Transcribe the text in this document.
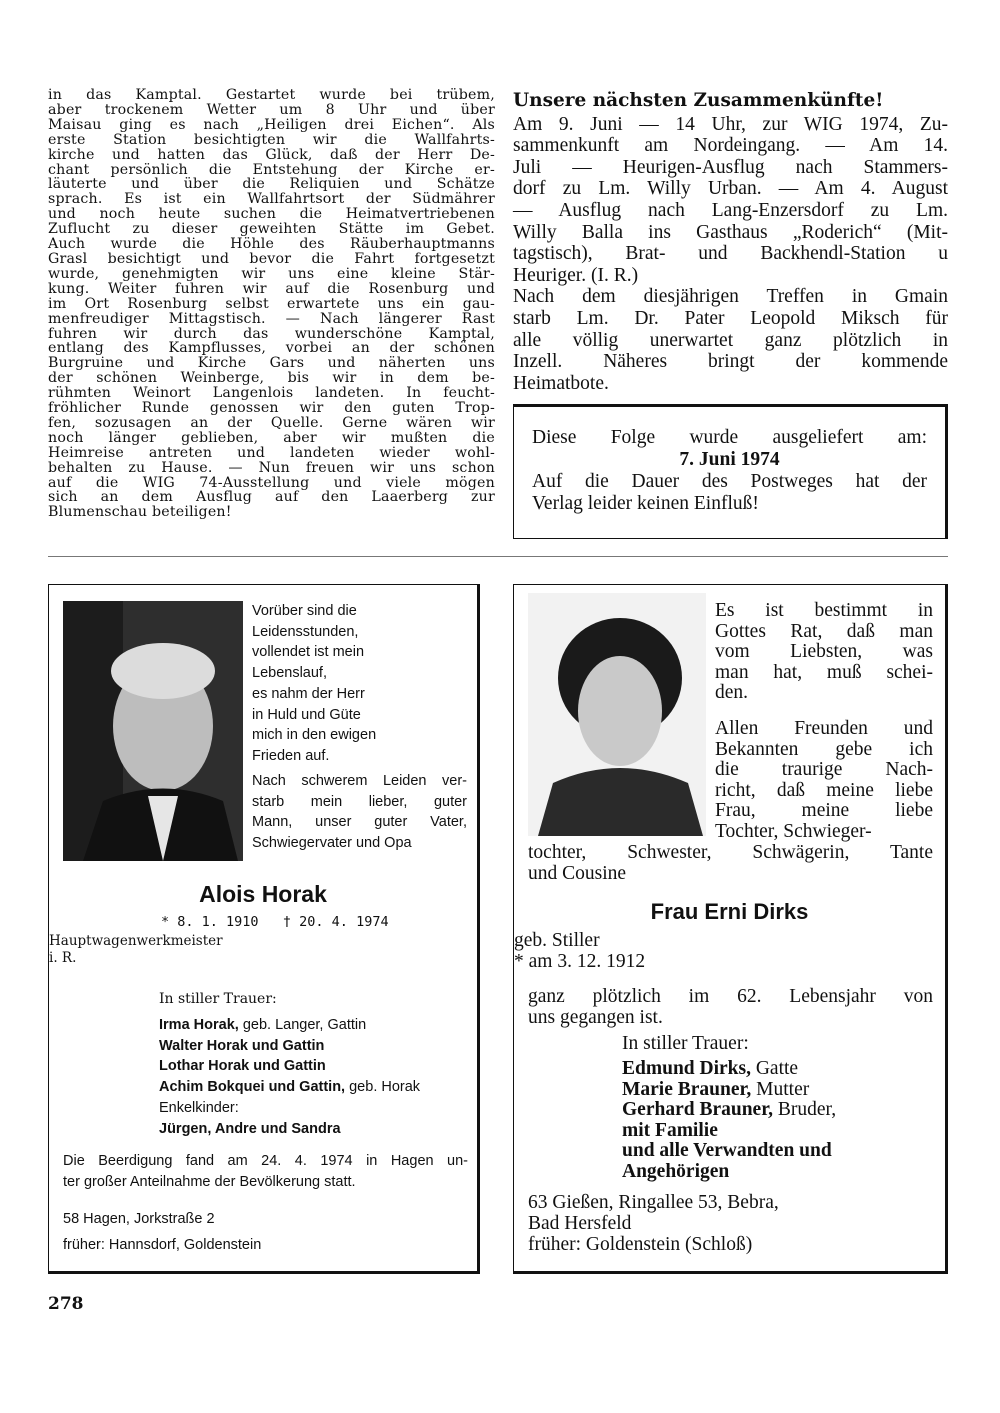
in das Kamptal. Gestartet wurde bei trübem,
aber trockenem Wetter um 8 Uhr und über
Maisau ging es nach „Heiligen drei Eichen“. Als
erste Station besichtigten wir die Wallfahrts-
kirche und hatten das Glück, daß der Herr De-
chant persönlich die Entstehung der Kirche er-
läuterte und über die Reliquien und Schätze
sprach. Es ist ein Wallfahrtsort der Südmährer
und noch heute suchen die Heimatvertriebenen
Zuflucht zu dieser geweihten Stätte im Gebet.
Auch wurde die Höhle des Räuberhauptmanns
Grasl besichtigt und bevor die Fahrt fortgesetzt
wurde, genehmigten wir uns eine kleine Stär-
kung. Weiter fuhren wir auf die Rosenburg und
im Ort Rosenburg selbst erwartete uns ein gau-
menfreudiger Mittagstisch. — Nach längerer Rast
fuhren wir durch das wunderschöne Kamptal,
entlang des Kampflusses, vorbei an der schönen
Burgruine und Kirche Gars und näherten uns
der schönen Weinberge, bis wir in dem be-
rühmten Weinort Langenlois landeten. In feucht-
fröhlicher Runde genossen wir den guten Trop-
fen, sozusagen an der Quelle. Gerne wären wir
noch länger geblieben, aber wir mußten die
Heimreise antreten und landeten wieder wohl-
behalten zu Hause. — Nun freuen wir uns schon
auf die WIG 74-Ausstellung und viele mögen
sich an dem Ausflug auf den Laaerberg zur
Blumenschau beteiligen!
Unsere nächsten Zusammenkünfte!
Am 9. Juni — 14 Uhr, zur WIG 1974, Zu-
sammenkunft am Nordeingang. — Am 14.
Juli — Heurigen-Ausflug nach Stammers-
dorf zu Lm. Willy Urban. — Am 4. August
— Ausflug nach Lang-Enzersdorf zu Lm.
Willy Balla ins Gasthaus „Roderich“ (Mit-
tagstisch), Brat- und Backhendl-Station u
Heuriger. (I. R.)
Nach dem diesjährigen Treffen in Gmain
starb Lm. Dr. Pater Leopold Miksch für
alle völlig unerwartet ganz plötzlich in
Inzell. Näheres bringt der kommende
Heimatbote.
Diese Folge wurde ausgeliefert am:
7. Juni 1974
Auf die Dauer des Postweges hat der
Verlag leider keinen Einfluß!
Vorüber sind die
Leidensstunden,
vollendet ist mein
Lebenslauf,
es nahm der Herr
in Huld und Güte
mich in den ewigen
Frieden auf.
Nach schwerem Leiden ver-
starb mein lieber, guter
Mann, unser guter Vater,
Schwiegervater und Opa
Alois Horak
* 8. 1. 1910   † 20. 4. 1974
Hauptwagenwerkmeister
i. R.
In stiller Trauer:
Irma Horak, geb. Langer, Gattin
Walter Horak und Gattin
Lothar Horak und Gattin
Achim Bokquei und Gattin, geb. Horak
Enkelkinder:
Jürgen, Andre und Sandra
Die Beerdigung fand am 24. 4. 1974 in Hagen un-
ter großer Anteilnahme der Bevölkerung statt.
58 Hagen, Jorkstraße 2
früher: Hannsdorf, Goldenstein
Es ist bestimmt in
Gottes Rat, daß man
vom Liebsten, was
man hat, muß schei-
den.
Allen Freunden und
Bekannten gebe ich
die traurige Nach-
richt, daß meine liebe
Frau, meine liebe
Tochter, Schwieger-
tochter, Schwester, Schwägerin, Tante
und Cousine
Frau Erni Dirks
geb. Stiller
* am 3. 12. 1912
ganz plötzlich im 62. Lebensjahr von
uns gegangen ist.
In stiller Trauer:
Edmund Dirks, Gatte
Marie Brauner, Mutter
Gerhard Brauner, Bruder,
mit Familie
und alle Verwandten und
Angehörigen
63 Gießen, Ringallee 53, Bebra,
Bad Hersfeld
früher: Goldenstein (Schloß)
278
